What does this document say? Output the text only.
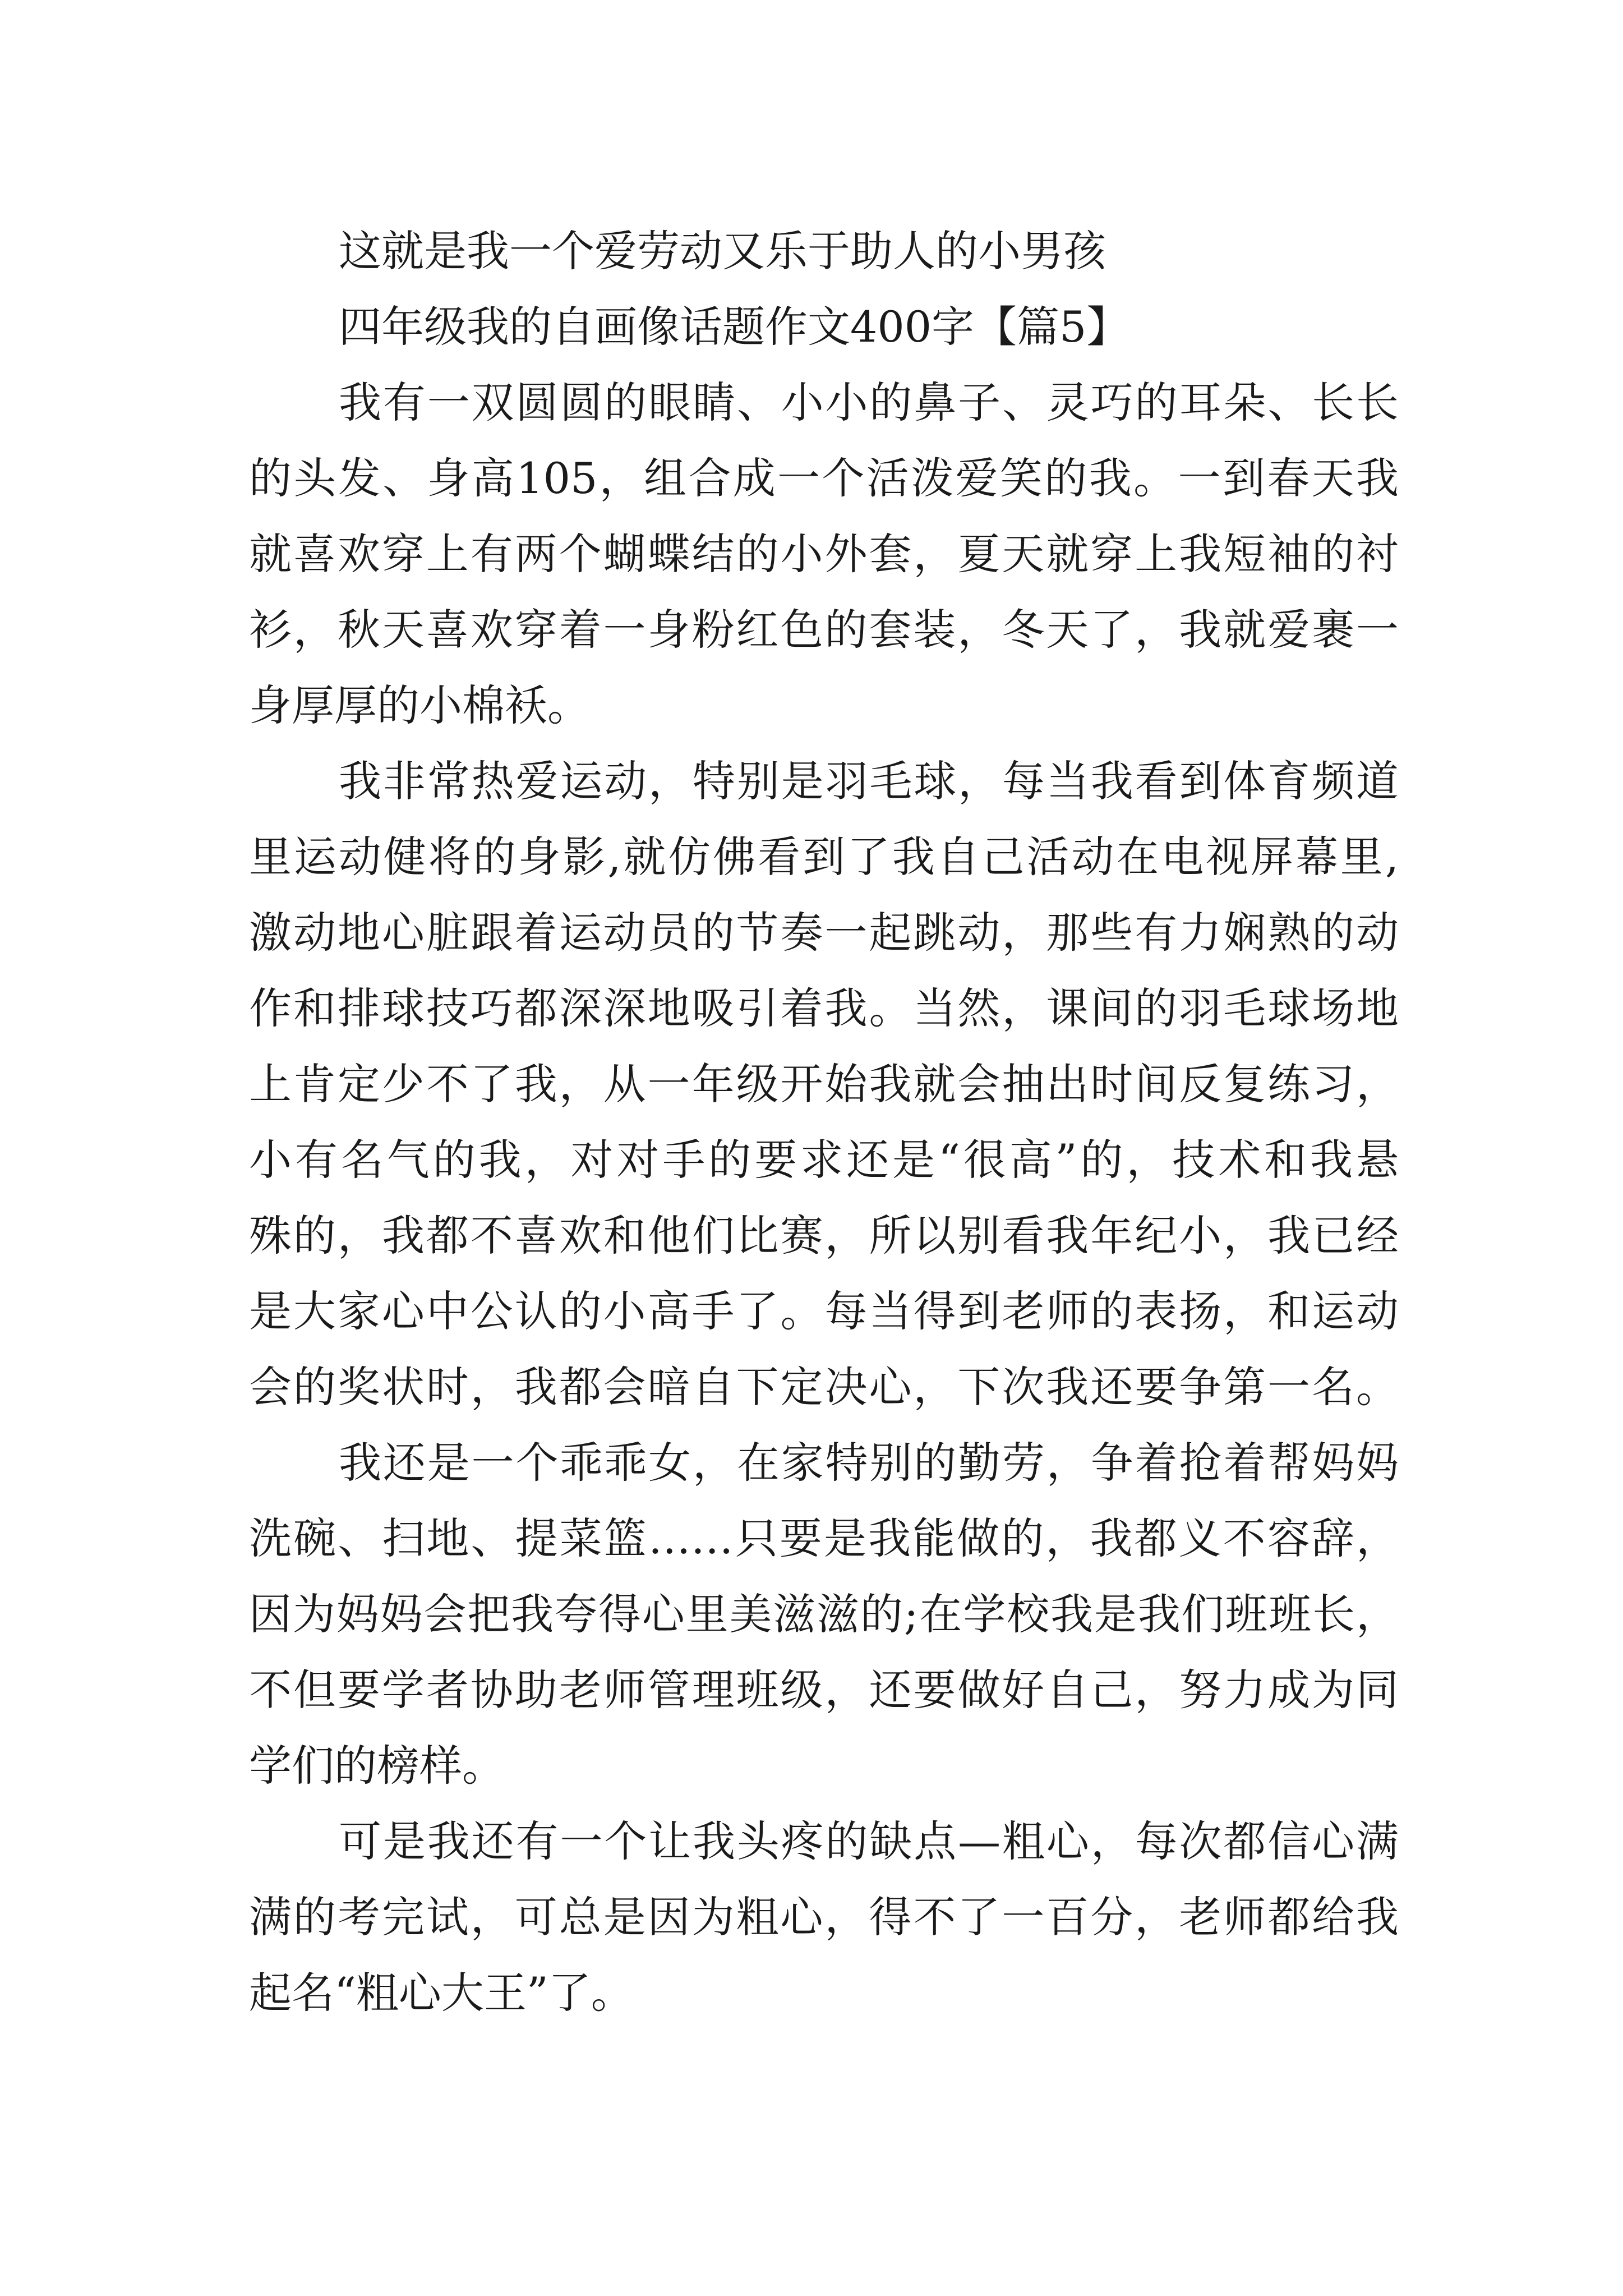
这就是我一个爱劳动又乐于助人的小男孩
四年级我的自画像话题作文400字【篇5】
我有一双圆圆的眼睛、小小的鼻子、灵巧的耳朵、长长
的头发、身高105，组合成一个活泼爱笑的我。一到春天我
就喜欢穿上有两个蝴蝶结的小外套，夏天就穿上我短袖的衬
衫，秋天喜欢穿着一身粉红色的套装，冬天了，我就爱裹一
身厚厚的小棉袄。
我非常热爱运动，特别是羽毛球，每当我看到体育频道
里运动健将的身影,就仿佛看到了我自己活动在电视屏幕里,
激动地心脏跟着运动员的节奏一起跳动，那些有力娴熟的动
作和排球技巧都深深地吸引着我。当然，课间的羽毛球场地
上肯定少不了我，从一年级开始我就会抽出时间反复练习，
小有名气的我，对对手的要求还是“很高”的，技术和我悬
殊的，我都不喜欢和他们比赛，所以别看我年纪小，我已经
是大家心中公认的小高手了。每当得到老师的表扬，和运动
会的奖状时，我都会暗自下定决心，下次我还要争第一名。
我还是一个乖乖女，在家特别的勤劳，争着抢着帮妈妈
洗碗、扫地、提菜篮……只要是我能做的，我都义不容辞，
因为妈妈会把我夸得心里美滋滋的;在学校我是我们班班长，
不但要学者协助老师管理班级，还要做好自己，努力成为同
学们的榜样。
可是我还有一个让我头疼的缺点—粗心，每次都信心满
满的考完试，可总是因为粗心，得不了一百分，老师都给我
起名“粗心大王”了。
